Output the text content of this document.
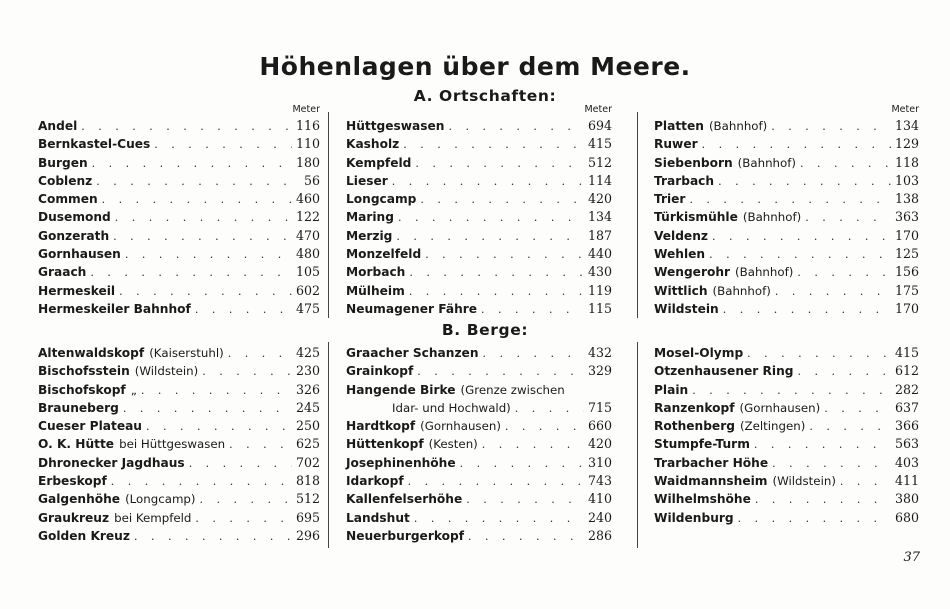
Höhenlagen über dem Meere.
A. Ortschaften:
B. Berge:
Meter
Andel . . .	116
Bernkastel-Cues . . .	110
Burgen . . .	180
Coblenz . . .	56
Commen . . .	460
Dusemond . . .	122
Gonzerath . . .	470
Gornhausen . . .	480
Graach . . .	105
Hermeskeil . . .	602
Hermeskeiler Bahnhof . . .	475
Meter
Hüttgeswasen . . .	694
Kasholz . . .	415
Kempfeld . . .	512
Lieser . . .	114
Longcamp . . .	420
Maring . . .	134
Merzig . . .	187
Monzelfeld . . .	440
Morbach . . .	430
Mülheim . . .	119
Neumagener Fähre . . .	115
Meter
Platten (Bahnhof) . . .	134
Ruwer . . .	129
Siebenborn (Bahnhof) . . .	118
Trarbach . . .	103
Trier . . .	138
Türkismühle (Bahnhof) . . .	363
Veldenz . . .	170
Wehlen . . .	125
Wengerohr (Bahnhof) . . .	156
Wittlich (Bahnhof) . . .	175
Wildstein . . .	170
Altenwaldskopf (Kaiserstuhl) . . .	425
Bischofsstein (Wildstein) . . .	230
Bischofskopf „ . . .	326
Brauneberg . . .	245
Cueser Plateau . . .	250
O. K. Hütte bei Hüttgeswasen . . .	625
Dhronecker Jagdhaus . . .	702
Erbeskopf . . .	818
Galgenhöhe (Longcamp) . . .	512
Graukreuz bei Kempfeld . . .	695
Golden Kreuz . . .	296
Graacher Schanzen . . .	432
Grainkopf . . .	329
Hangende Birke (Grenze zwischen
Idar- und Hochwald) . . .	715
Hardtkopf (Gornhausen) . . .	660
Hüttenkopf (Kesten) . . .	420
Josephinenhöhe . . .	310
Idarkopf . . .	743
Kallenfelserhöhe . . .	410
Landshut . . .	240
Neuerburgerkopf . . .	286
Mosel-Olymp . . .	415
Otzenhausener Ring . . .	612
Plain . . .	282
Ranzenkopf (Gornhausen) . . .	637
Rothenberg (Zeltingen) . . .	366
Stumpfe-Turm . . .	563
Trarbacher Höhe . . .	403
Waidmannsheim (Wildstein) . . .	411
Wilhelmshöhe . . .	380
Wildenburg . . .	680
37
